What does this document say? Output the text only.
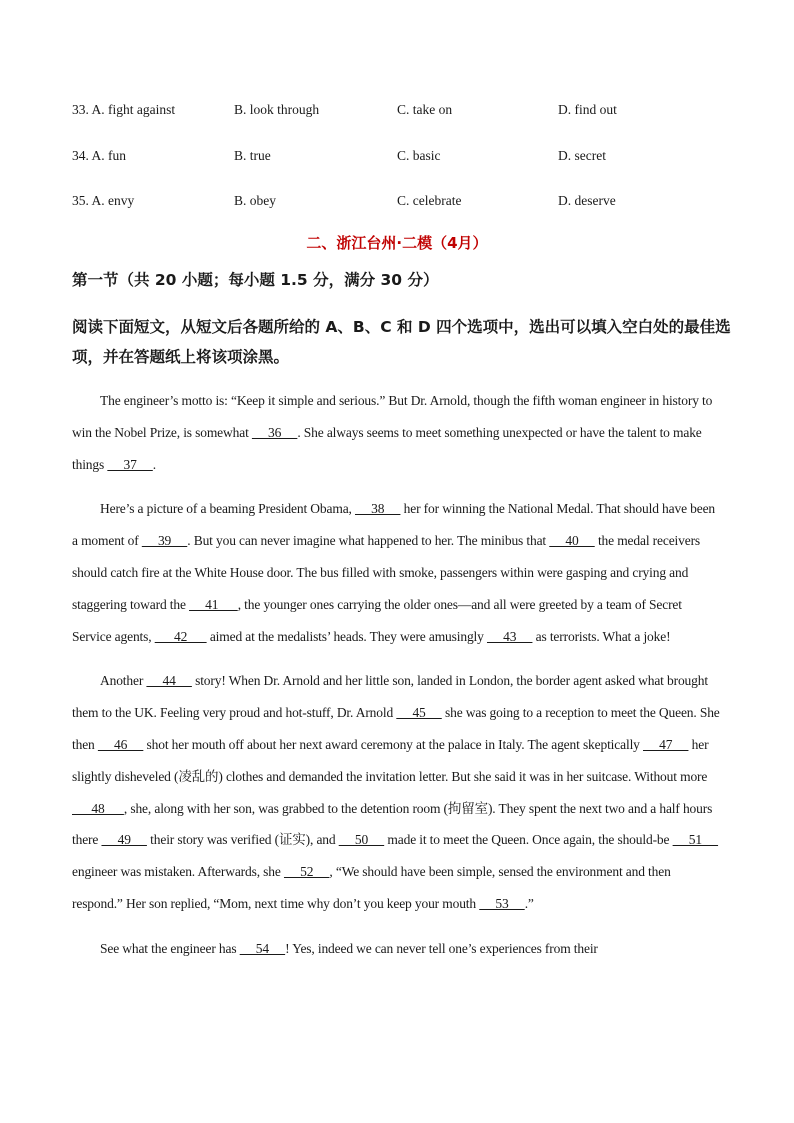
33. A. fight against	B. look through	C. take on	D. find out
34. A. fun	B. true	C. basic	D. secret
35. A. envy	B. obey	C. celebrate	D. deserve
二、浙江台州·二模（4月）
第一节（共 20 小题；每小题 1.5 分，满分 30 分）
阅读下面短文，从短文后各题所给的 A、B、C 和 D 四个选项中，选出可以填入空白处的最佳选项，并在答题纸上将该项涂黑。

The engineer’s motto is: “Keep it simple and serious.” But Dr. Arnold, though the fifth woman engineer in history to win the Nobel Prize, is somewhat      36     . She always seems to meet something unexpected or have the talent to make things      37     .

Here’s a picture of a beaming President Obama,      38      her for winning the National Medal. That should have been a moment of      39     . But you can never imagine what happened to her. The minibus that      40      the medal receivers should catch fire at the White House door. The bus filled with smoke, passengers within were gasping and crying and staggering toward the      41      , the younger ones carrying the older ones—and all were greeted by a team of Secret Service agents,       42       aimed at the medalists’ heads. They were amusingly      43      as terrorists. What a joke!

Another      44      story! When Dr. Arnold and her little son, landed in London, the border agent asked what brought them to the UK. Feeling very proud and hot-stuff, Dr. Arnold      45      she was going to a reception to meet the Queen. She then      46      shot her mouth off about her next award ceremony at the palace in Italy. The agent skeptically      47      her slightly disheveled (凌乱的) clothes and demanded the invitation letter. But she said it was in her suitcase. Without more       48      , she, along with her son, was grabbed to the detention room (拘留室). They spent the next two and a half hours there      49      their story was verified (证实), and      50      made it to meet the Queen. Once again, the should-be      51      engineer was mistaken. Afterwards, she      52     , “We should have been simple, sensed the environment and then respond.” Her son replied, “Mom, next time why don’t you keep your mouth      53     .”

See what the engineer has      54     ! Yes, indeed we can never tell one’s experiences from their
